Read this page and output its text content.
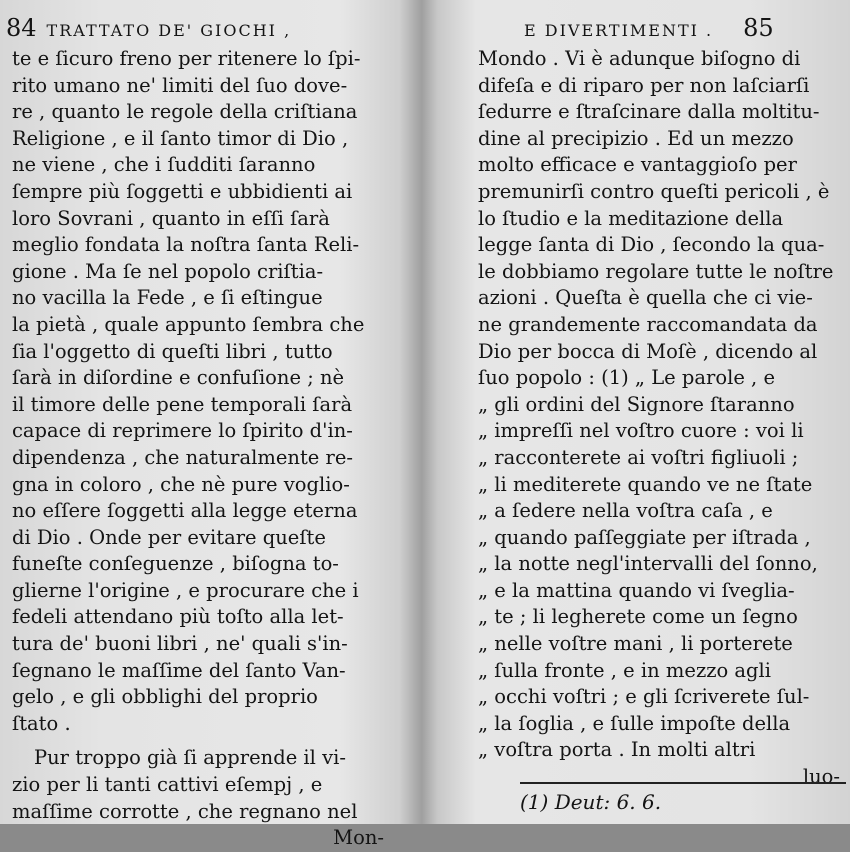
84 TRATTATO DE' GIOCHI ,
te e ſicuro freno per ritenere lo ſpi-
rito umano ne' limiti del ſuo dove-
re , quanto le regole della criſtiana
Religione , e il ſanto timor di Dio ,
ne viene , che i ſudditi ſaranno
ſempre più ſoggetti e ubbidienti ai
loro Sovrani , quanto in eſſi ſarà
meglio fondata la noſtra ſanta Reli-
gione . Ma ſe nel popolo criſtia-
no vacilla la Fede , e ſi eſtingue
la pietà , quale appunto ſembra che
ſia l'oggetto di queſti libri , tutto
ſarà in diſordine e confuſione ; nè
il timore delle pene temporali ſarà
capace di reprimere lo ſpirito d'in-
dipendenza , che naturalmente re-
gna in coloro , che nè pure voglio-
no eſſere ſoggetti alla legge eterna
di Dio . Onde per evitare queſte
funeſte conſeguenze , biſogna to-
glierne l'origine , e procurare che i
fedeli attendano più toſto alla let-
tura de' buoni libri , ne' quali s'in-
ſegnano le maſſime del ſanto Van-
gelo , e gli obblighi del proprio
ſtato .
Pur troppo già ſi apprende il vi-
zio per li tanti cattivi eſempj , e
maſſime corrotte , che regnano nel
Mon-
E DIVERTIMENTI . 85
Mondo . Vi è adunque biſogno di
difeſa e di riparo per non laſciarſi
ſedurre e ſtraſcinare dalla moltitu-
dine al precipizio . Ed un mezzo
molto efficace e vantaggioſo per
premunirſi contro queſti pericoli , è
lo ſtudio e la meditazione della
legge ſanta di Dio , ſecondo la qua-
le dobbiamo regolare tutte le noſtre
azioni . Queſta è quella che ci vie-
ne grandemente raccomandata da
Dio per bocca di Moſè , dicendo al
ſuo popolo : (1) „ Le parole , e
„ gli ordini del Signore ſtaranno
„ impreſſi nel voſtro cuore : voi li
„ racconterete ai voſtri figliuoli ;
„ li mediterete quando ve ne ſtate
„ a ſedere nella voſtra caſa , e
„ quando paſſeggiate per iſtrada ,
„ la notte negl'intervalli del ſonno,
„ e la mattina quando vi ſveglia-
„ te ; li legherete come un ſegno
„ nelle voſtre mani , li porterete
„ ſulla fronte , e in mezzo agli
„ occhi voſtri ; e gli ſcriverete ſul-
„ la ſoglia , e ſulle impoſte della
„ voſtra porta . In molti altri
luo-
(1) Deut: 6. 6.
